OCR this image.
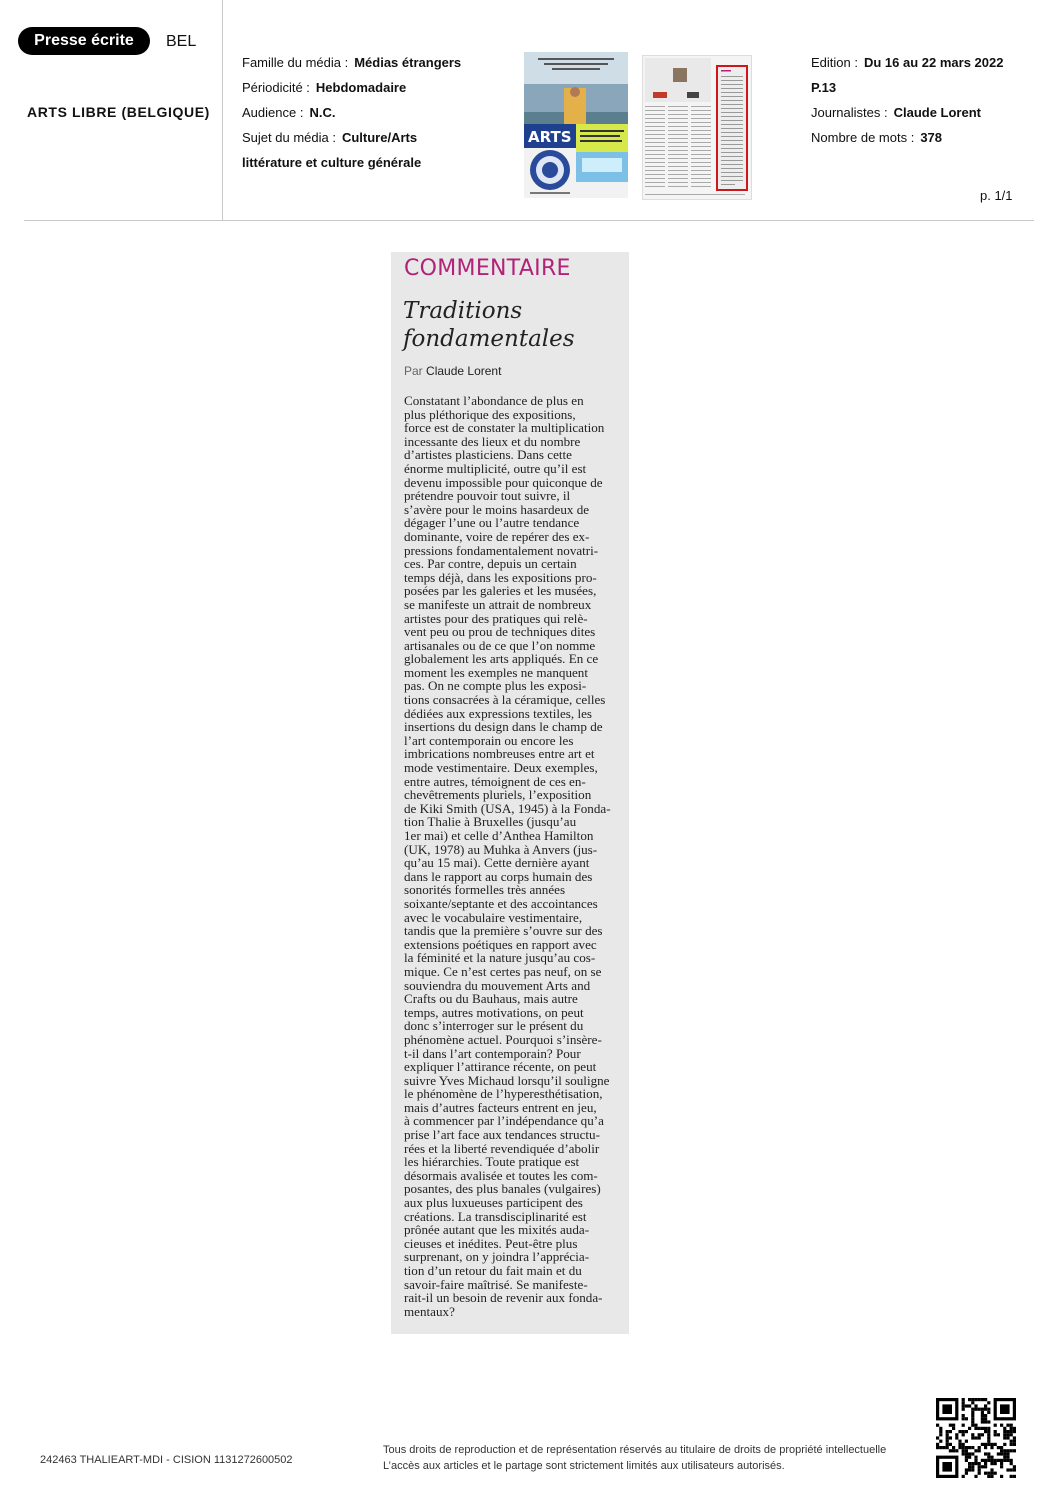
Presse écrite	BEL
ARTS LIBRE (BELGIQUE)
Famille du média : Médias étrangers
Périodicité : Hebdomadaire
Audience : N.C.
Sujet du média : Culture/Arts
littérature et culture générale
Edition : Du 16 au 22 mars 2022
P.13
Journalistes : Claude Lorent
Nombre de mots : 378
p. 1/1
ARTS
COMMENTAIRE
Traditions fondamentales
Par Claude Lorent
Constatant l’abondance de plus en
plus pléthorique des expositions,
force est de constater la multiplication
incessante des lieux et du nombre
d’artistes plasticiens. Dans cette
énorme multiplicité, outre qu’il est
devenu impossible pour quiconque de
prétendre pouvoir tout suivre, il
s’avère pour le moins hasardeux de
dégager l’une ou l’autre tendance
dominante, voire de repérer des ex-
pressions fondamentalement novatri-
ces. Par contre, depuis un certain
temps déjà, dans les expositions pro-
posées par les galeries et les musées,
se manifeste un attrait de nombreux
artistes pour des pratiques qui relè-
vent peu ou prou de techniques dites
artisanales ou de ce que l’on nomme
globalement les arts appliqués. En ce
moment les exemples ne manquent
pas. On ne compte plus les exposi-
tions consacrées à la céramique, celles
dédiées aux expressions textiles, les
insertions du design dans le champ de
l’art contemporain ou encore les
imbrications nombreuses entre art et
mode vestimentaire. Deux exemples,
entre autres, témoignent de ces en-
chevêtrements pluriels, l’exposition
de Kiki Smith (USA, 1945) à la Fonda-
tion Thalie à Bruxelles (jusqu’au
1er mai) et celle d’Anthea Hamilton
(UK, 1978) au Muhka à Anvers (jus-
qu’au 15 mai). Cette dernière ayant
dans le rapport au corps humain des
sonorités formelles très années
soixante/septante et des accointances
avec le vocabulaire vestimentaire,
tandis que la première s’ouvre sur des
extensions poétiques en rapport avec
la féminité et la nature jusqu’au cos-
mique. Ce n’est certes pas neuf, on se
souviendra du mouvement Arts and
Crafts ou du Bauhaus, mais autre
temps, autres motivations, on peut
donc s’interroger sur le présent du
phénomène actuel. Pourquoi s’insère-
t-il dans l’art contemporain? Pour
expliquer l’attirance récente, on peut
suivre Yves Michaud lorsqu’il souligne
le phénomène de l’hyperesthétisation,
mais d’autres facteurs entrent en jeu,
à commencer par l’indépendance qu’a
prise l’art face aux tendances structu-
rées et la liberté revendiquée d’abolir
les hiérarchies. Toute pratique est
désormais avalisée et toutes les com-
posantes, des plus banales (vulgaires)
aux plus luxueuses participent des
créations. La transdisciplinarité est
prônée autant que les mixités auda-
cieuses et inédites. Peut-être plus
surprenant, on y joindra l’apprécia-
tion d’un retour du fait main et du
savoir-faire maîtrisé. Se manifeste-
rait-il un besoin de revenir aux fonda-
mentaux?
242463 THALIEART-MDI - CISION 1131272600502
Tous droits de reproduction et de représentation réservés au titulaire de droits de propriété intellectuelle
L’accès aux articles et le partage sont strictement limités aux utilisateurs autorisés.
